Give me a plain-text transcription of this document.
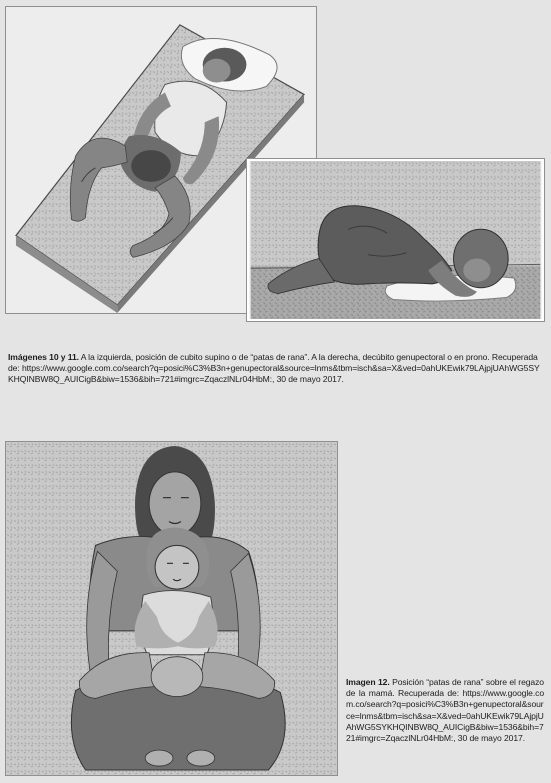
Imágenes 10 y 11. A la izquierda, posición de cubito supino o de “patas de rana”. A la derecha, decúbito genupectoral o en prono. Recuperada de: https://www.google.com.co/search?q=posici%C3%B3n+genupectoral&source=lnms&tbm=isch&sa=X&ved=0ahUKEwik79LAjpjUAhWG5SYKHQINBW8Q_AUICigB&biw=1536&bih=721#imgrc=ZqaczlNLr04HbM:, 30 de mayo 2017.
Imagen 12. Posición “patas de rana” sobre el regazo de la mamá. Recuperada de: https://www.google.com.co/search?q=posici%C3%B3n+genupectoral&source=lnms&tbm=isch&sa=X&ved=0ahUKEwik79LAjpjUAhWG5SYKHQINBW8Q_AUICigB&biw=1536&bih=721#imgrc=ZqaczlNLr04HbM:, 30 de mayo 2017.
